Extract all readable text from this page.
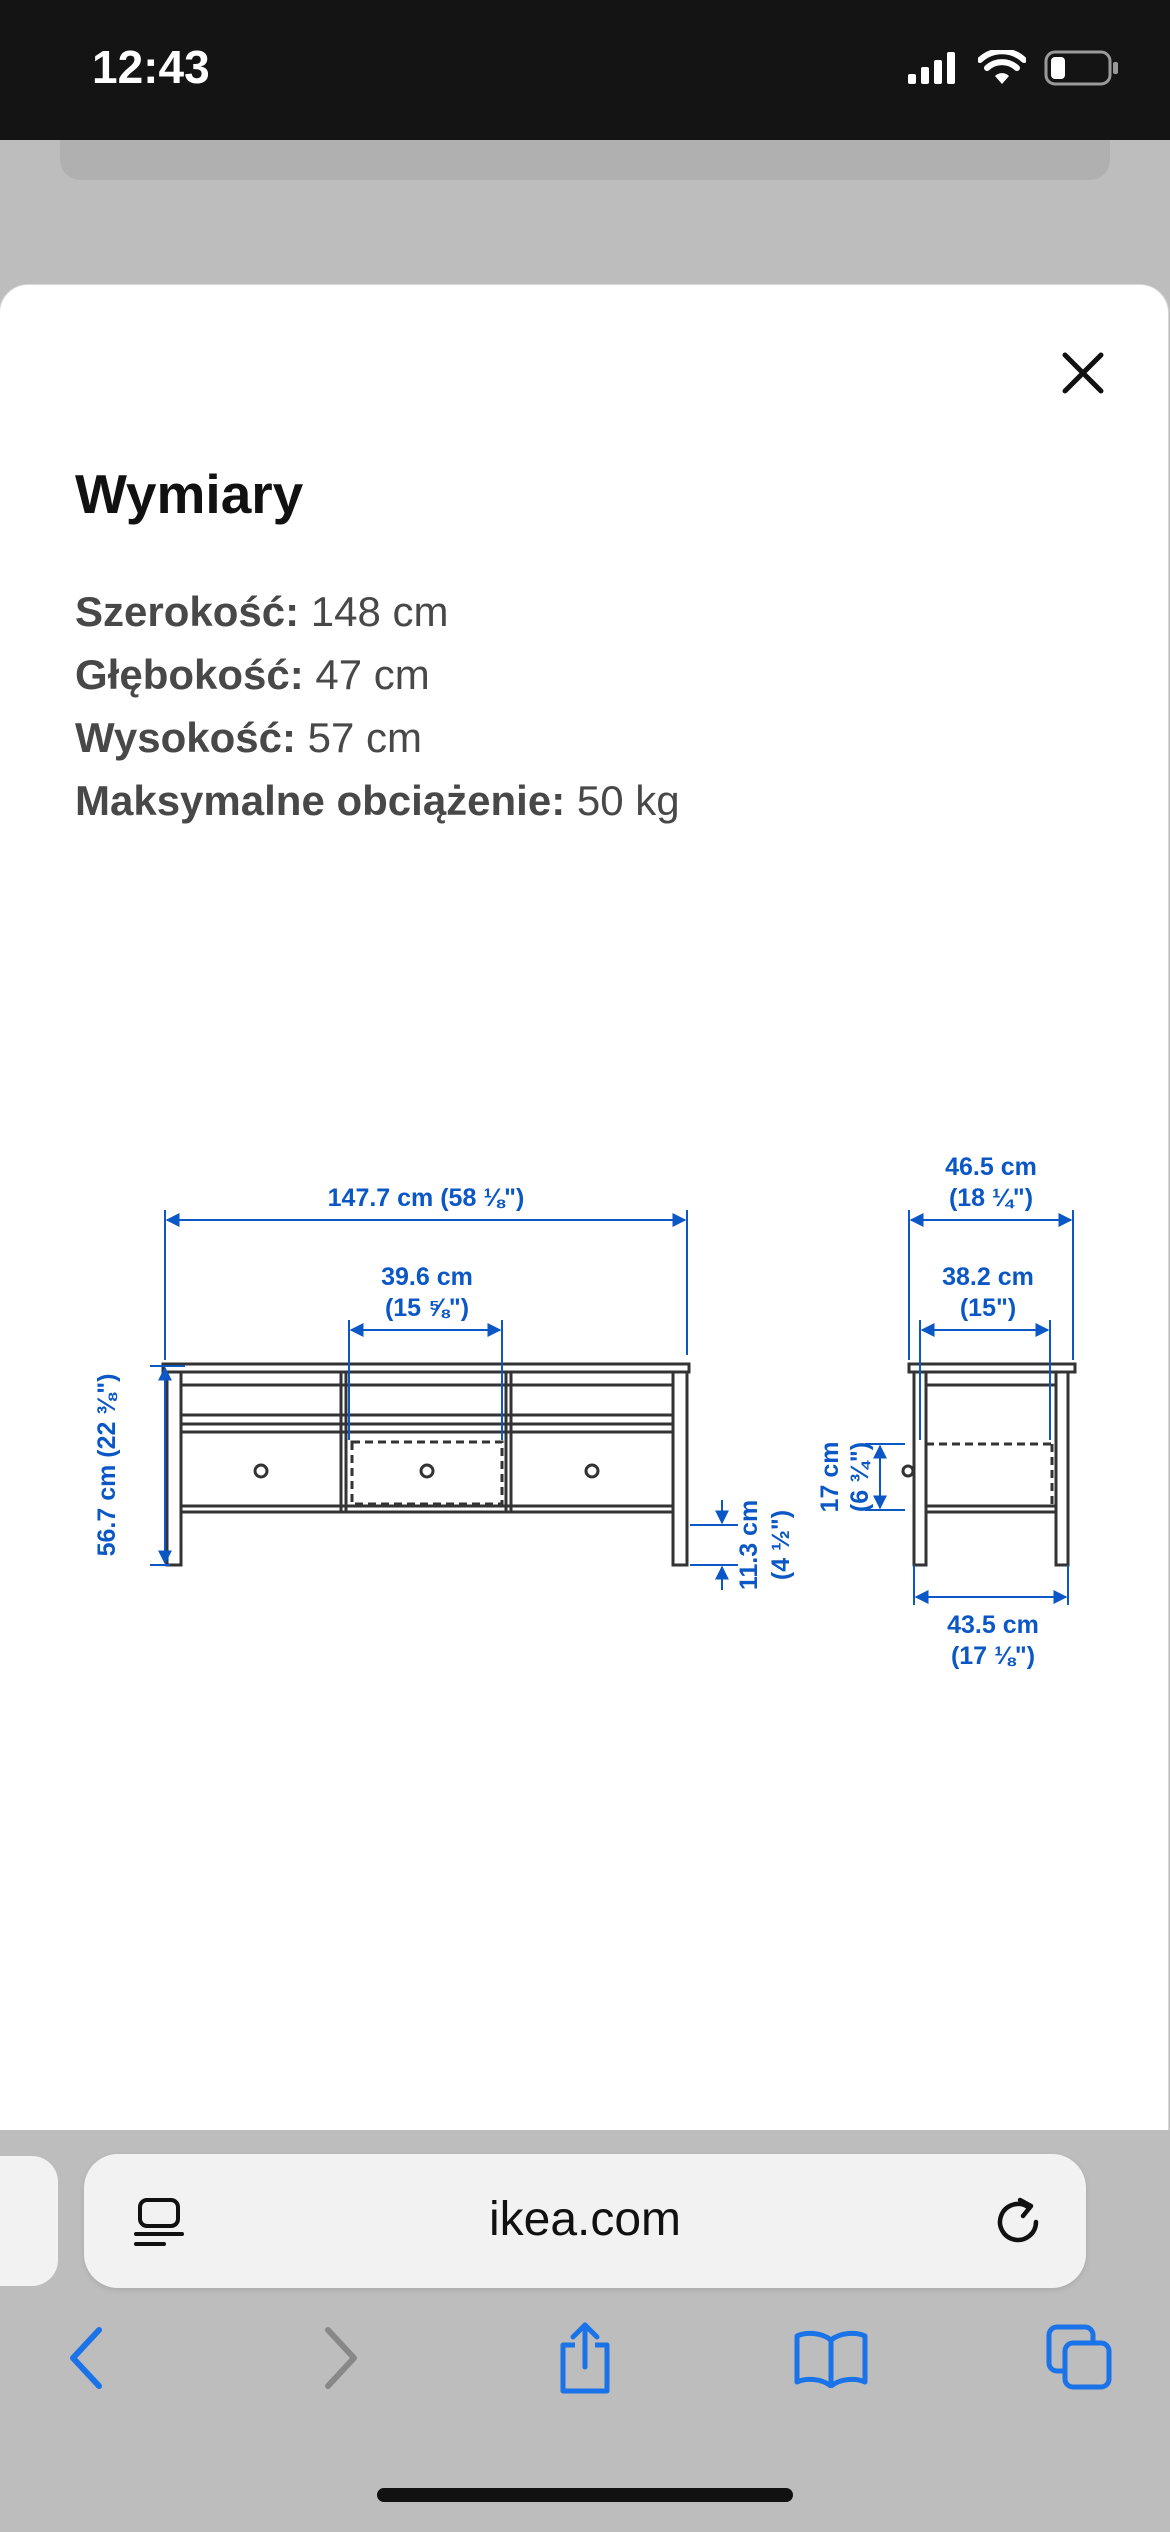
12:43
Wymiary
Szerokość: 148 cm
Głębokość: 47 cm
Wysokość: 57 cm
Maksymalne obciążenie: 50 kg
147.7 cm (58 ⅛")
39.6 cm
(15 ⅝")
56.7 cm (22 ⅜")	11.3 cm (4 ½")
46.5 cm
(18 ¼")
38.2 cm
(15")
17 cm (6 ¾")
43.5 cm
(17 ⅛")
ikea.com
